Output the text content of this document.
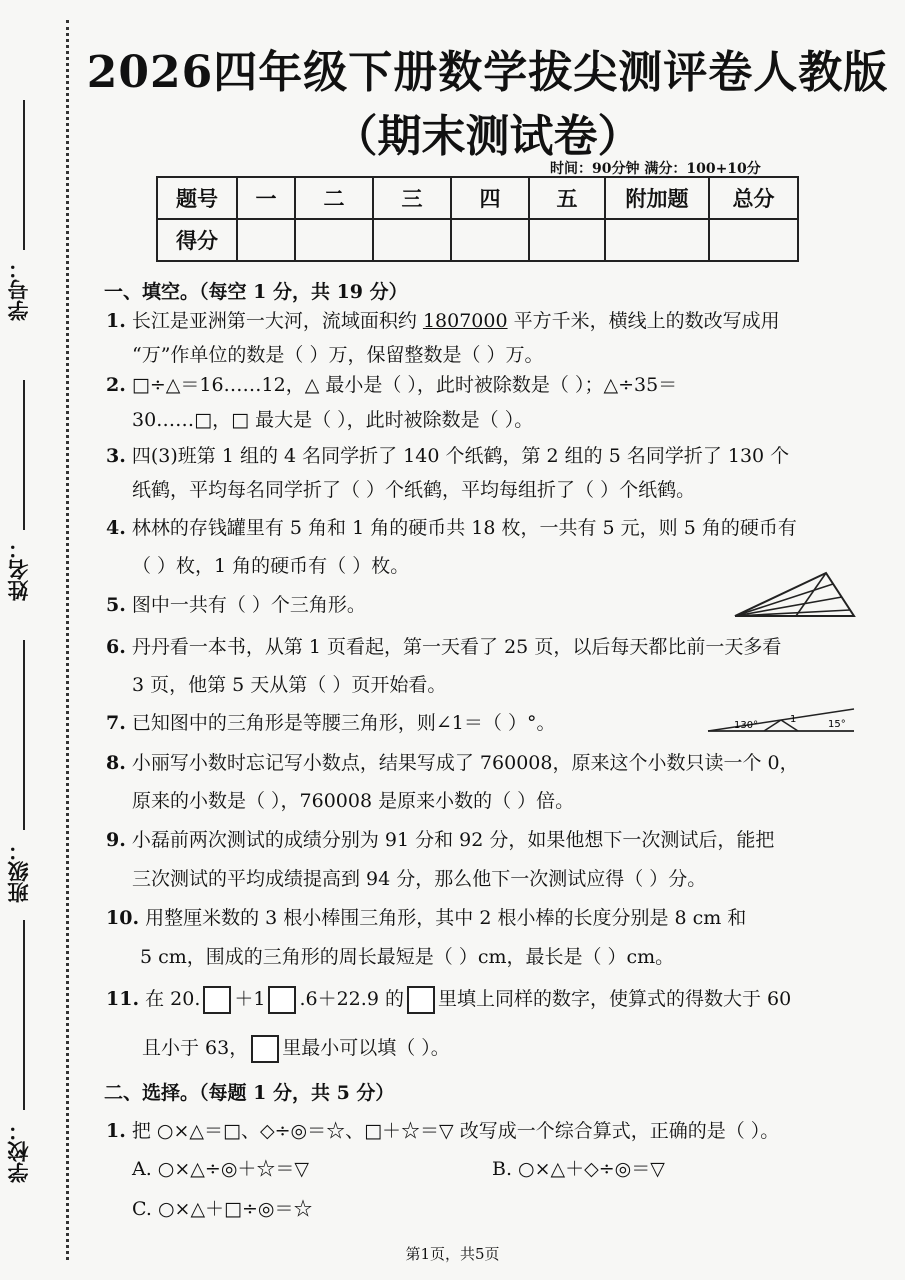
学号：
姓名：
班级：
学校：
2026四年级下册数学拔尖测评卷人教版
（期末测试卷）
时间：90分钟 满分：100+10分
题号	一	二	三	四	五	附加题	总分
得分							
一、填空。（每空 1 分，共 19 分）
1. 长江是亚洲第一大河，流域面积约 1807000 平方千米，横线上的数改写成用
“万”作单位的数是（ ）万，保留整数是（ ）万。
2. □÷△＝16……12，△ 最小是（ ），此时被除数是（ ）；△÷35＝
30……□，□ 最大是（ ），此时被除数是（ ）。
3. 四(3)班第 1 组的 4 名同学折了 140 个纸鹤，第 2 组的 5 名同学折了 130 个
纸鹤，平均每名同学折了（ ）个纸鹤，平均每组折了（ ）个纸鹤。
4. 林林的存钱罐里有 5 角和 1 角的硬币共 18 枚，一共有 5 元，则 5 角的硬币有
（ ）枚，1 角的硬币有（ ）枚。
5. 图中一共有（ ）个三角形。
6. 丹丹看一本书，从第 1 页看起，第一天看了 25 页，以后每天都比前一天多看
3 页，他第 5 天从第（ ）页开始看。
7. 已知图中的三角形是等腰三角形，则∠1＝（ ）°。	130°
1	15°
8. 小丽写小数时忘记写小数点，结果写成了 760008，原来这个小数只读一个 0，
原来的小数是（ ），760008 是原来小数的（ ）倍。
9. 小磊前两次测试的成绩分别为 91 分和 92 分，如果他想下一次测试后，能把
三次测试的平均成绩提高到 94 分，那么他下一次测试应得（ ）分。
10. 用整厘米数的 3 根小棒围三角形，其中 2 根小棒的长度分别是 8 cm 和
5 cm，围成的三角形的周长最短是（ ）cm，最长是（ ）cm。
11. 在 20. ＋1 .6＋22.9 的 里填上同样的数字，使算式的得数大于 60
且小于 63， 里最小可以填（ ）。
二、选择。（每题 1 分，共 5 分）
1. 把 ○×△＝□、◇÷◎＝☆、□＋☆＝▽ 改写成一个综合算式，正确的是（ ）。
A. ○×△÷◎＋☆＝▽	B. ○×△＋◇÷◎＝▽
C. ○×△＋□÷◎＝☆
第1页，共5页
